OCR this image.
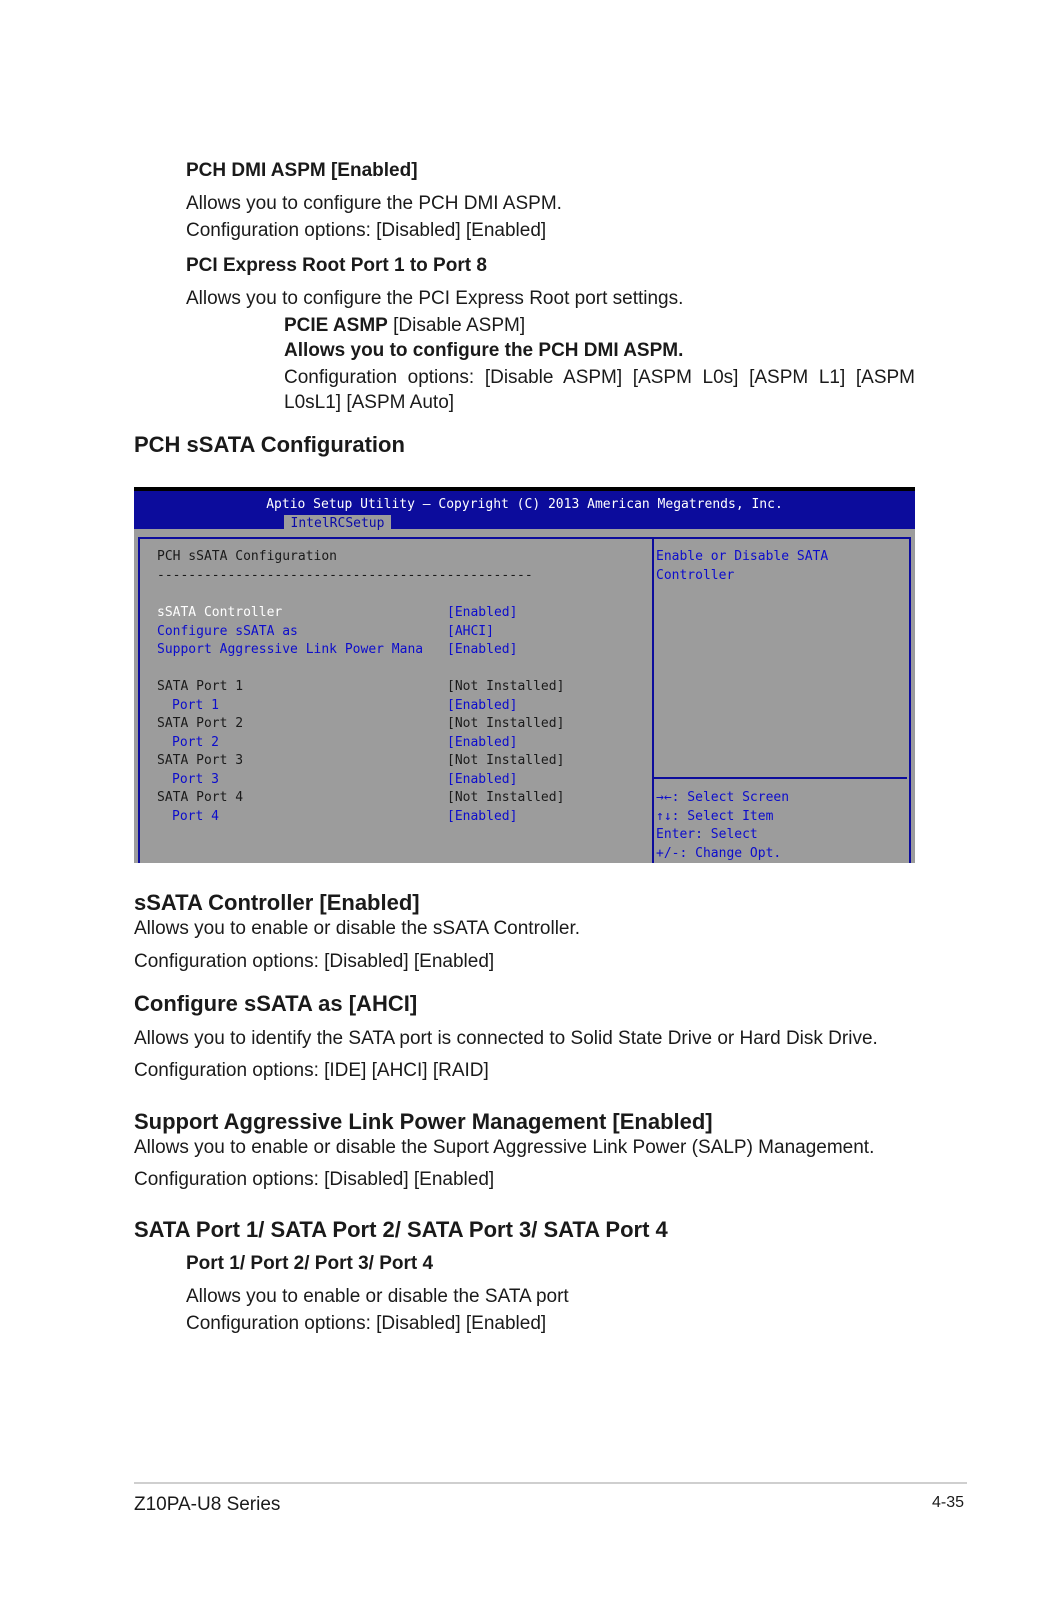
PCH DMI ASPM [Enabled]
Allows you to configure the PCH DMI ASPM.
Configuration options: [Disabled] [Enabled]
PCI Express Root Port 1 to Port 8
Allows you to configure the PCI Express Root port settings.
PCIE ASMP [Disable ASPM]
Allows you to configure the PCH DMI ASPM.
Configuration options: [Disable ASPM] [ASPM L0s] [ASPM L1] [ASPM L0sL1] [ASPM Auto]
PCH sSATA Configuration
Aptio Setup Utility – Copyright (C) 2013 American Megatrends, Inc.
IntelRCSetup
PCH sSATA Configuration
------------------------------------------------
sSATA Controller	[Enabled]
Configure sSATA as	[AHCI]
Support Aggressive Link Power Mana [Enabled]
SATA Port 1	[Not Installed]
Port 1	[Enabled]
SATA Port 2	[Not Installed]
Port 2	[Enabled]
SATA Port 3	[Not Installed]
Port 3	[Enabled]
SATA Port 4	[Not Installed]
Port 4	[Enabled]
Enable or Disable SATA
Controller
→←: Select Screen
↑↓: Select Item
Enter: Select
+/-: Change Opt.
sSATA Controller [Enabled]
Allows you to enable or disable the sSATA Controller.
Configuration options: [Disabled] [Enabled]
Configure sSATA as [AHCI]
Allows you to identify the SATA port is connected to Solid State Drive or Hard Disk Drive.
Configuration options: [IDE] [AHCI] [RAID]
Support Aggressive Link Power Management [Enabled]
Allows you to enable or disable the Suport Aggressive Link Power (SALP) Management.
Configuration options: [Disabled] [Enabled]
SATA Port 1/ SATA Port 2/ SATA Port 3/ SATA Port 4
Port 1/ Port 2/ Port 3/ Port 4
Allows you to enable or disable the SATA port
Configuration options: [Disabled] [Enabled]
Z10PA-U8 Series	4-35
